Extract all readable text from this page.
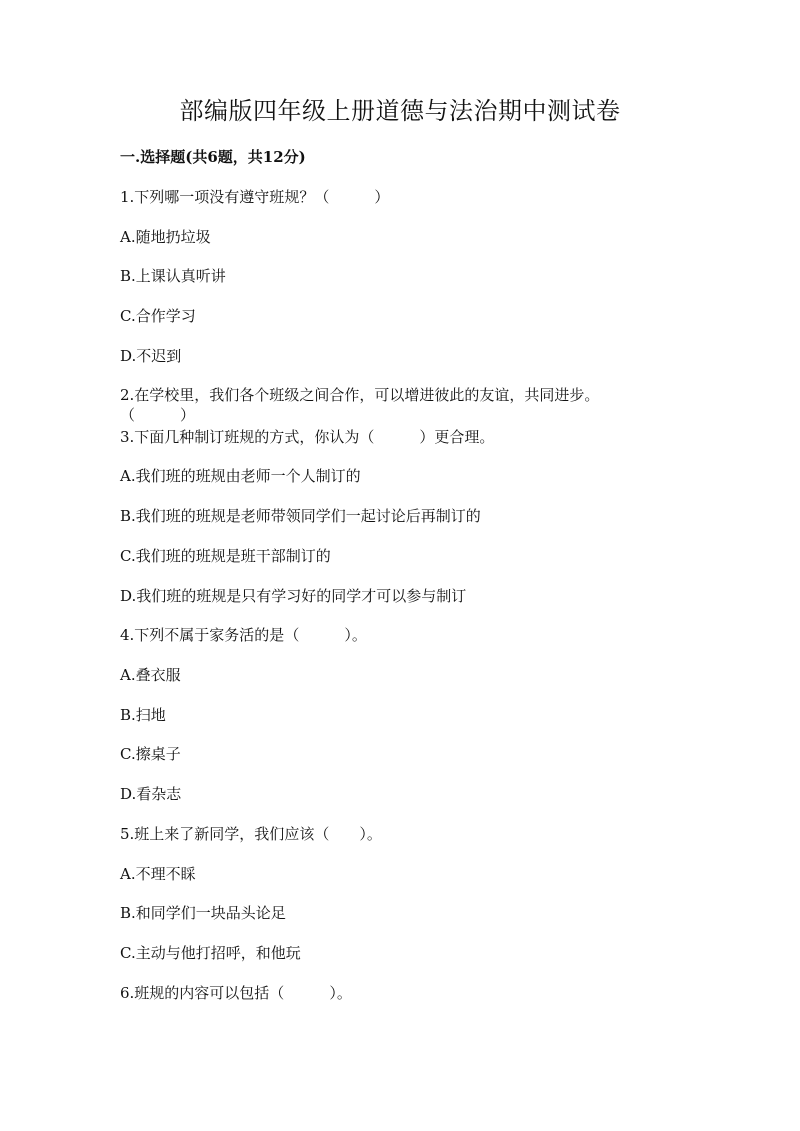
部编版四年级上册道德与法治期中测试卷
一.选择题(共6题，共12分)
1.下列哪一项没有遵守班规？（　　　）
A.随地扔垃圾
B.上课认真听讲
C.合作学习
D.不迟到
2.在学校里，我们各个班级之间合作，可以增进彼此的友谊，共同进步。
（　　　）
3.下面几种制订班规的方式，你认为（　　　）更合理。
A.我们班的班规由老师一个人制订的
B.我们班的班规是老师带领同学们一起讨论后再制订的
C.我们班的班规是班干部制订的
D.我们班的班规是只有学习好的同学才可以参与制订
4.下列不属于家务活的是（　　　）。
A.叠衣服
B.扫地
C.擦桌子
D.看杂志
5.班上来了新同学，我们应该（　　）。
A.不理不睬
B.和同学们一块品头论足
C.主动与他打招呼，和他玩
6.班规的内容可以包括（　　　）。
